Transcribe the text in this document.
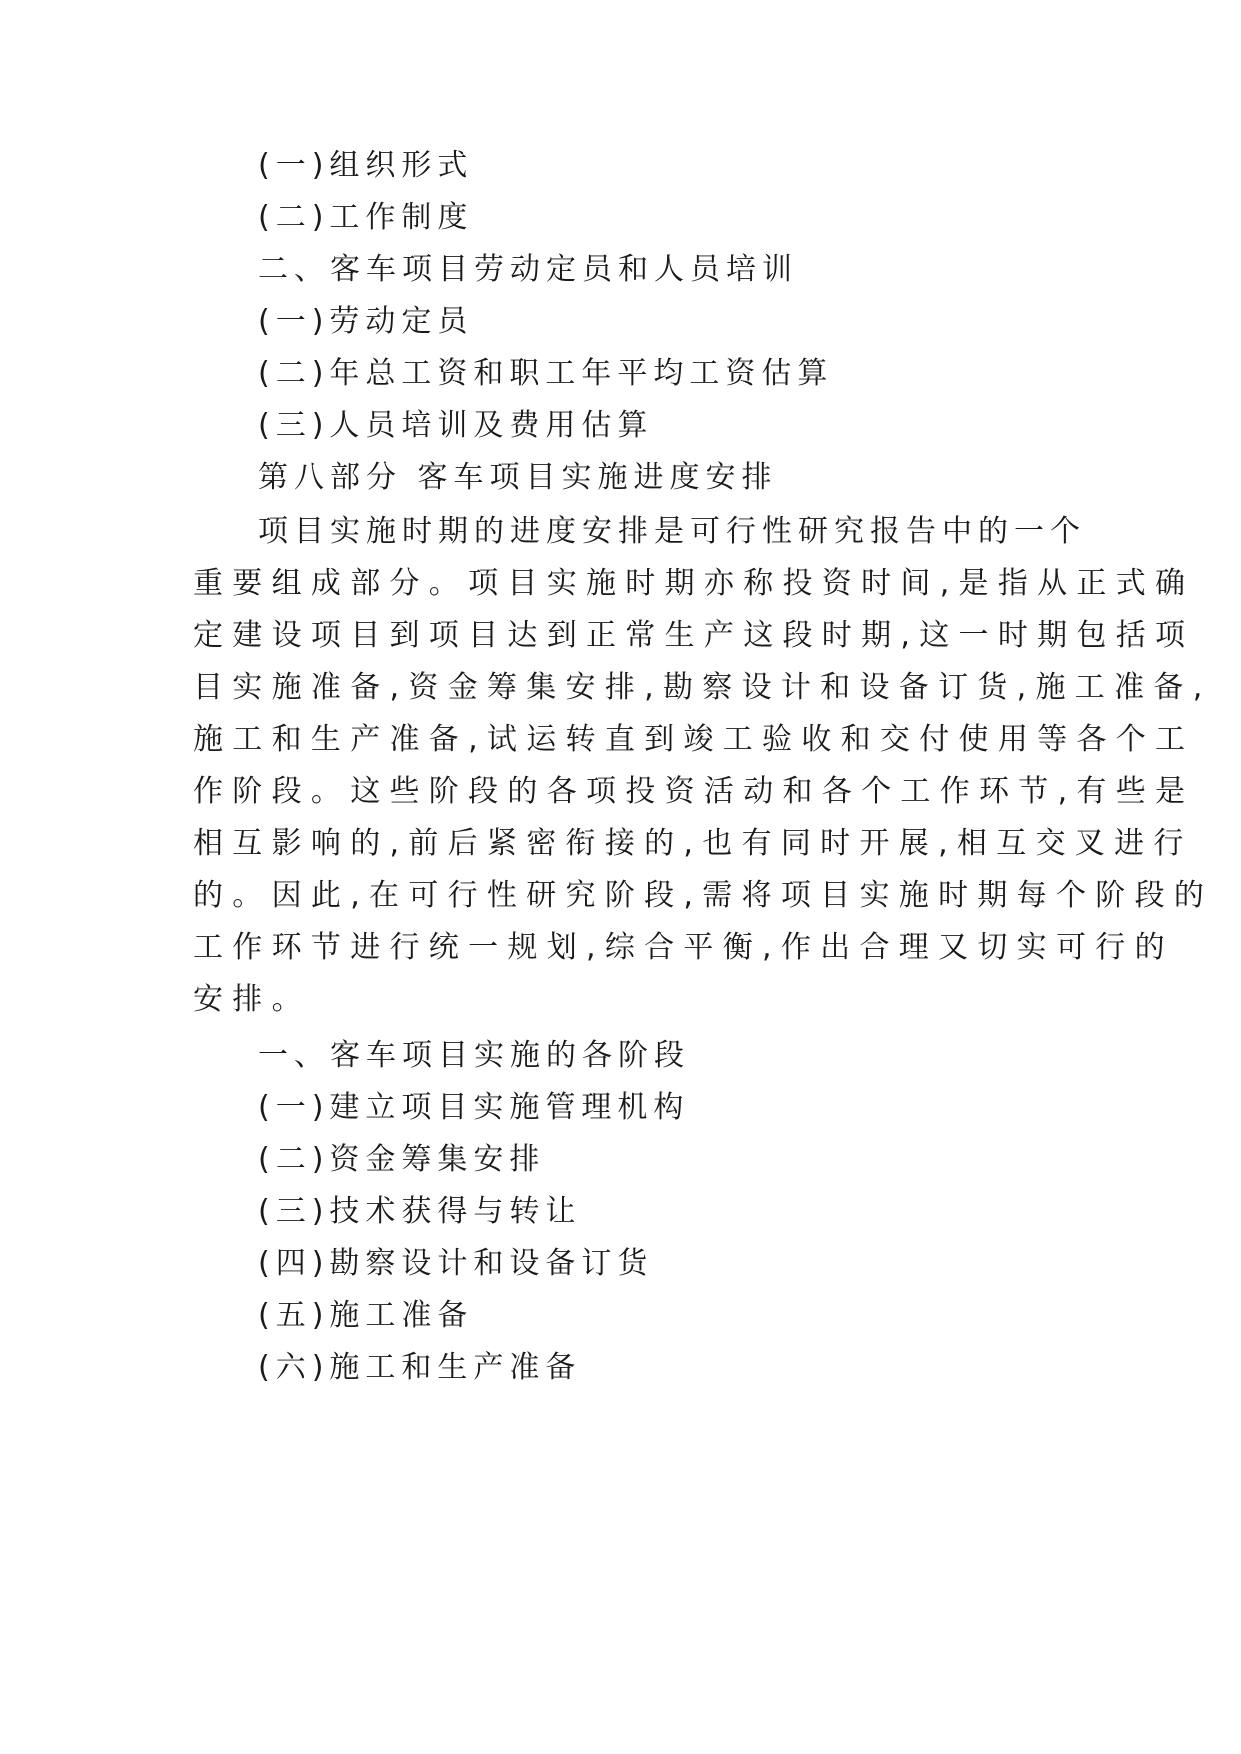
(一)组织形式
(二)工作制度
二、客车项目劳动定员和人员培训
(一)劳动定员
(二)年总工资和职工年平均工资估算
(三)人员培训及费用估算
第八部分 客车项目实施进度安排
项目实施时期的进度安排是可行性研究报告中的一个
重要组成部分。项目实施时期亦称投资时间,是指从正式确
定建设项目到项目达到正常生产这段时期,这一时期包括项
目实施准备,资金筹集安排,勘察设计和设备订货,施工准备,
施工和生产准备,试运转直到竣工验收和交付使用等各个工
作阶段。这些阶段的各项投资活动和各个工作环节,有些是
相互影响的,前后紧密衔接的,也有同时开展,相互交叉进行
的。因此,在可行性研究阶段,需将项目实施时期每个阶段的
工作环节进行统一规划,综合平衡,作出合理又切实可行的
安排。
一、客车项目实施的各阶段
(一)建立项目实施管理机构
(二)资金筹集安排
(三)技术获得与转让
(四)勘察设计和设备订货
(五)施工准备
(六)施工和生产准备
